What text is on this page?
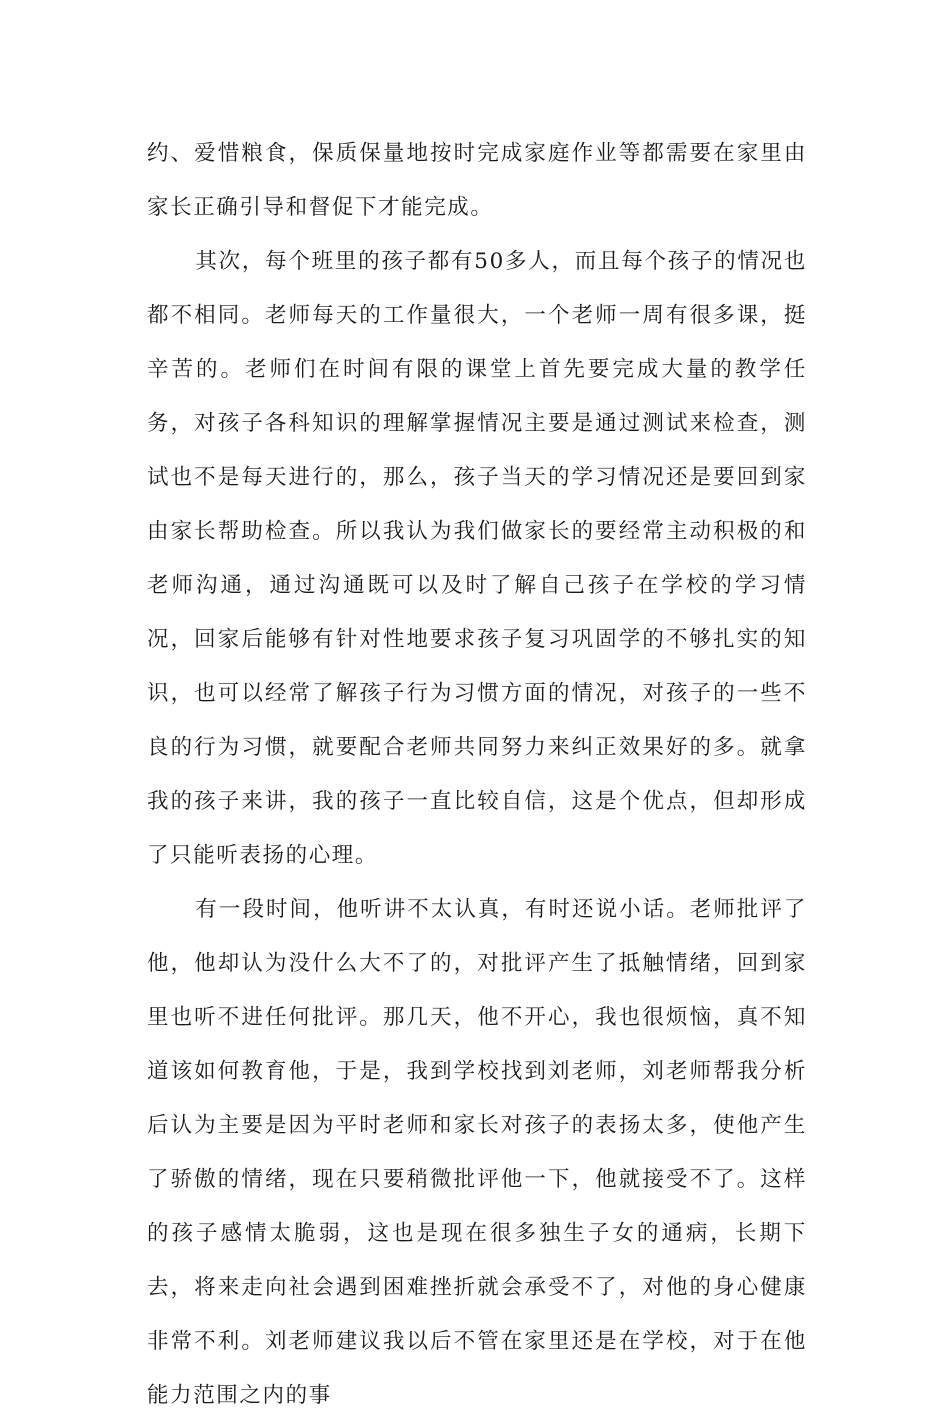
约、爱惜粮食，保质保量地按时完成家庭作业等都需要在家里由家长正确引导和督促下才能完成。

其次，每个班里的孩子都有50多人，而且每个孩子的情况也都不相同。老师每天的工作量很大，一个老师一周有很多课，挺辛苦的。老师们在时间有限的课堂上首先要完成大量的教学任务，对孩子各科知识的理解掌握情况主要是通过测试来检查，测试也不是每天进行的，那么，孩子当天的学习情况还是要回到家由家长帮助检查。所以我认为我们做家长的要经常主动积极的和老师沟通，通过沟通既可以及时了解自己孩子在学校的学习情况，回家后能够有针对性地要求孩子复习巩固学的不够扎实的知识，也可以经常了解孩子行为习惯方面的情况，对孩子的一些不良的行为习惯，就要配合老师共同努力来纠正效果好的多。就拿我的孩子来讲，我的孩子一直比较自信，这是个优点，但却形成了只能听表扬的心理。

有一段时间，他听讲不太认真，有时还说小话。老师批评了他，他却认为没什么大不了的，对批评产生了抵触情绪，回到家里也听不进任何批评。那几天，他不开心，我也很烦恼，真不知道该如何教育他，于是，我到学校找到刘老师，刘老师帮我分析后认为主要是因为平时老师和家长对孩子的表扬太多，使他产生了骄傲的情绪，现在只要稍微批评他一下，他就接受不了。这样的孩子感情太脆弱，这也是现在很多独生子女的通病，长期下去，将来走向社会遇到困难挫折就会承受不了，对他的身心健康非常不利。刘老师建议我以后不管在家里还是在学校，对于在他能力范围之内的事
